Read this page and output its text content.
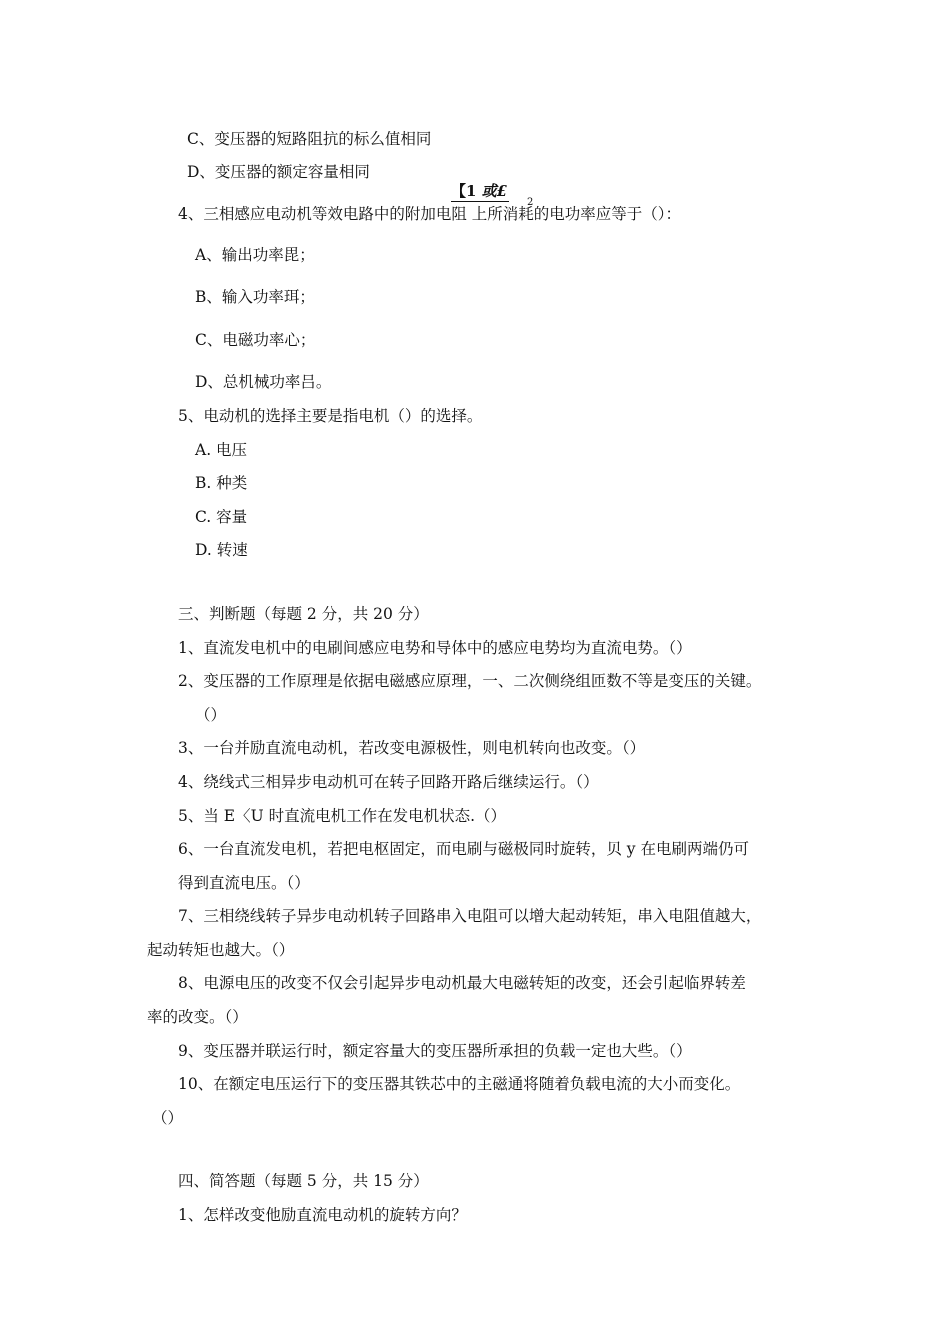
C、变压器的短路阻抗的标么值相同
D、变压器的额定容量相同
【1 或£
2
4、三相感应电动机等效电路中的附加电阻 上所消耗的电功率应等于（）：
A、输出功率毘；
B、输入功率珥；
C、电磁功率心；
D、总机械功率吕。
5、电动机的选择主要是指电机（）的选择。
A. 电压
B. 种类
C. 容量
D. 转速
三、判断题（每题 2 分，共 20 分）
1、直流发电机中的电刷间感应电势和导体中的感应电势均为直流电势。（）
2、变压器的工作原理是依据电磁感应原理，一、二次侧绕组匝数不等是变压的关键。
（）
3、一台并励直流电动机，若改变电源极性，则电机转向也改变。（）
4、绕线式三相异步电动机可在转子回路开路后继续运行。（）
5、当 E〈U 时直流电机工作在发电机状态.（）
6、一台直流发电机，若把电枢固定，而电刷与磁极同时旋转，贝 y 在电刷两端仍可
得到直流电压。（）
7、三相绕线转子异步电动机转子回路串入电阻可以增大起动转矩，串入电阻值越大，
起动转矩也越大。（）
8、电源电压的改变不仅会引起异步电动机最大电磁转矩的改变，还会引起临界转差
率的改变。（）
9、变压器并联运行时，额定容量大的变压器所承担的负载一定也大些。（）
10、在额定电压运行下的变压器其铁芯中的主磁通将随着负载电流的大小而变化。
（）
四、简答题（每题 5 分，共 15 分）
1、怎样改变他励直流电动机的旋转方向？
